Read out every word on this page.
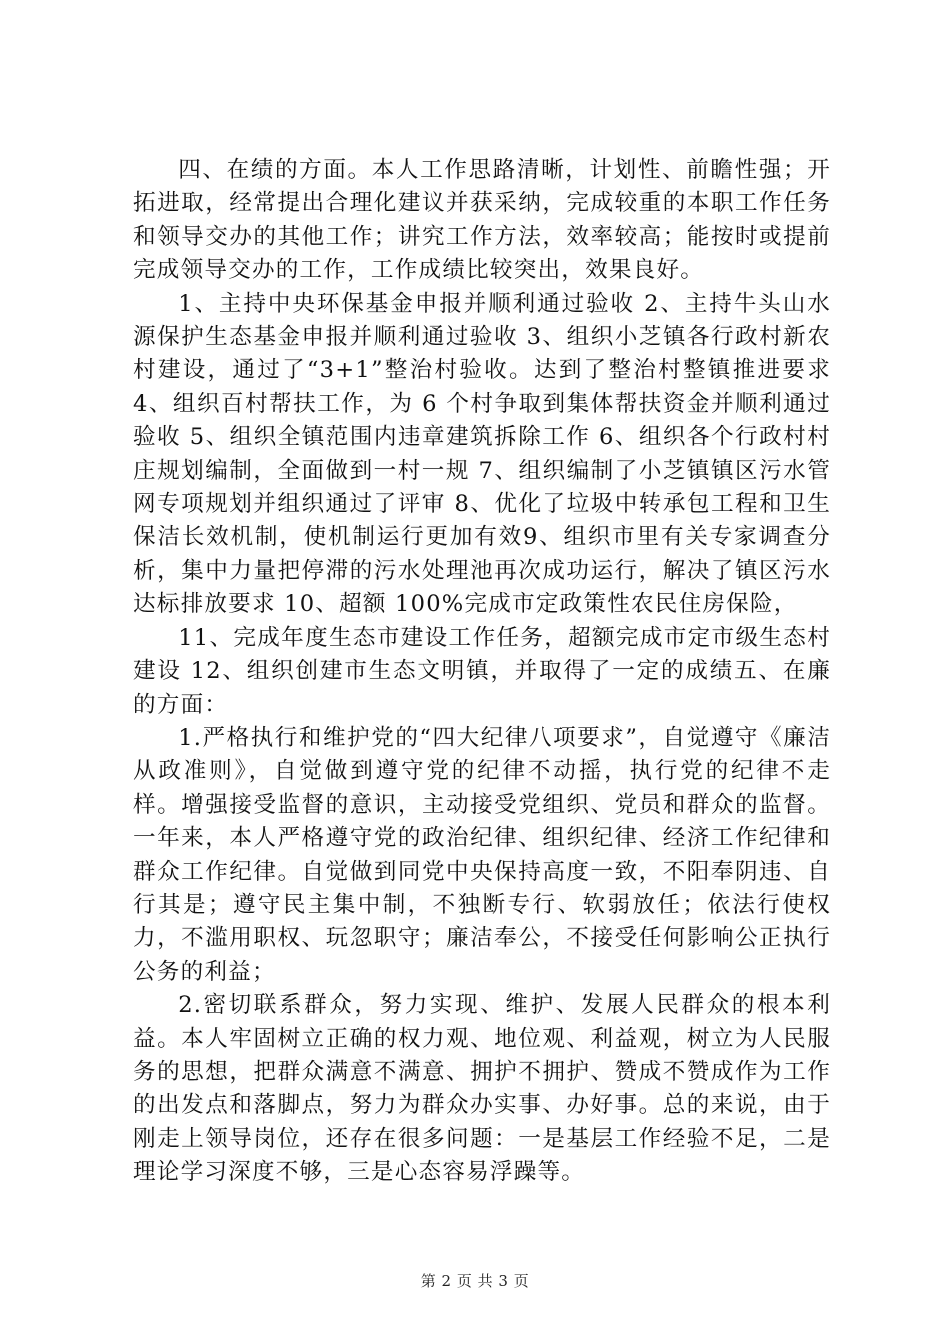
四、在绩的方面。本人工作思路清晰，计划性、前瞻性强；开拓进取，经常提出合理化建议并获采纳，完成较重的本职工作任务和领导交办的其他工作；讲究工作方法，效率较高；能按时或提前完成领导交办的工作，工作成绩比较突出，效果良好。

1、主持中央环保基金申报并顺利通过验收 2、主持牛头山水源保护生态基金申报并顺利通过验收 3、组织小芝镇各行政村新农村建设，通过了“3+1”整治村验收。达到了整治村整镇推进要求 4、组织百村帮扶工作，为 6 个村争取到集体帮扶资金并顺利通过验收 5、组织全镇范围内违章建筑拆除工作 6、组织各个行政村村庄规划编制，全面做到一村一规 7、组织编制了小芝镇镇区污水管网专项规划并组织通过了评审 8、优化了垃圾中转承包工程和卫生保洁长效机制，使机制运行更加有效9、组织市里有关专家调查分析，集中力量把停滞的污水处理池再次成功运行，解决了镇区污水达标排放要求 10、超额 100%完成市定政策性农民住房保险，

11、完成年度生态市建设工作任务，超额完成市定市级生态村建设 12、组织创建市生态文明镇，并取得了一定的成绩五、在廉的方面：

1.严格执行和维护党的“四大纪律八项要求”，自觉遵守《廉洁从政准则》，自觉做到遵守党的纪律不动摇，执行党的纪律不走样。增强接受监督的意识，主动接受党组织、党员和群众的监督。一年来，本人严格遵守党的政治纪律、组织纪律、经济工作纪律和群众工作纪律。自觉做到同党中央保持高度一致，不阳奉阴违、自行其是；遵守民主集中制，不独断专行、软弱放任；依法行使权力，不滥用职权、玩忽职守；廉洁奉公，不接受任何影响公正执行公务的利益；

2.密切联系群众，努力实现、维护、发展人民群众的根本利益。本人牢固树立正确的权力观、地位观、利益观，树立为人民服务的思想，把群众满意不满意、拥护不拥护、赞成不赞成作为工作的出发点和落脚点，努力为群众办实事、办好事。总的来说，由于刚走上领导岗位，还存在很多问题：一是基层工作经验不足，二是理论学习深度不够，三是心态容易浮躁等。

第 2 页 共 3 页
